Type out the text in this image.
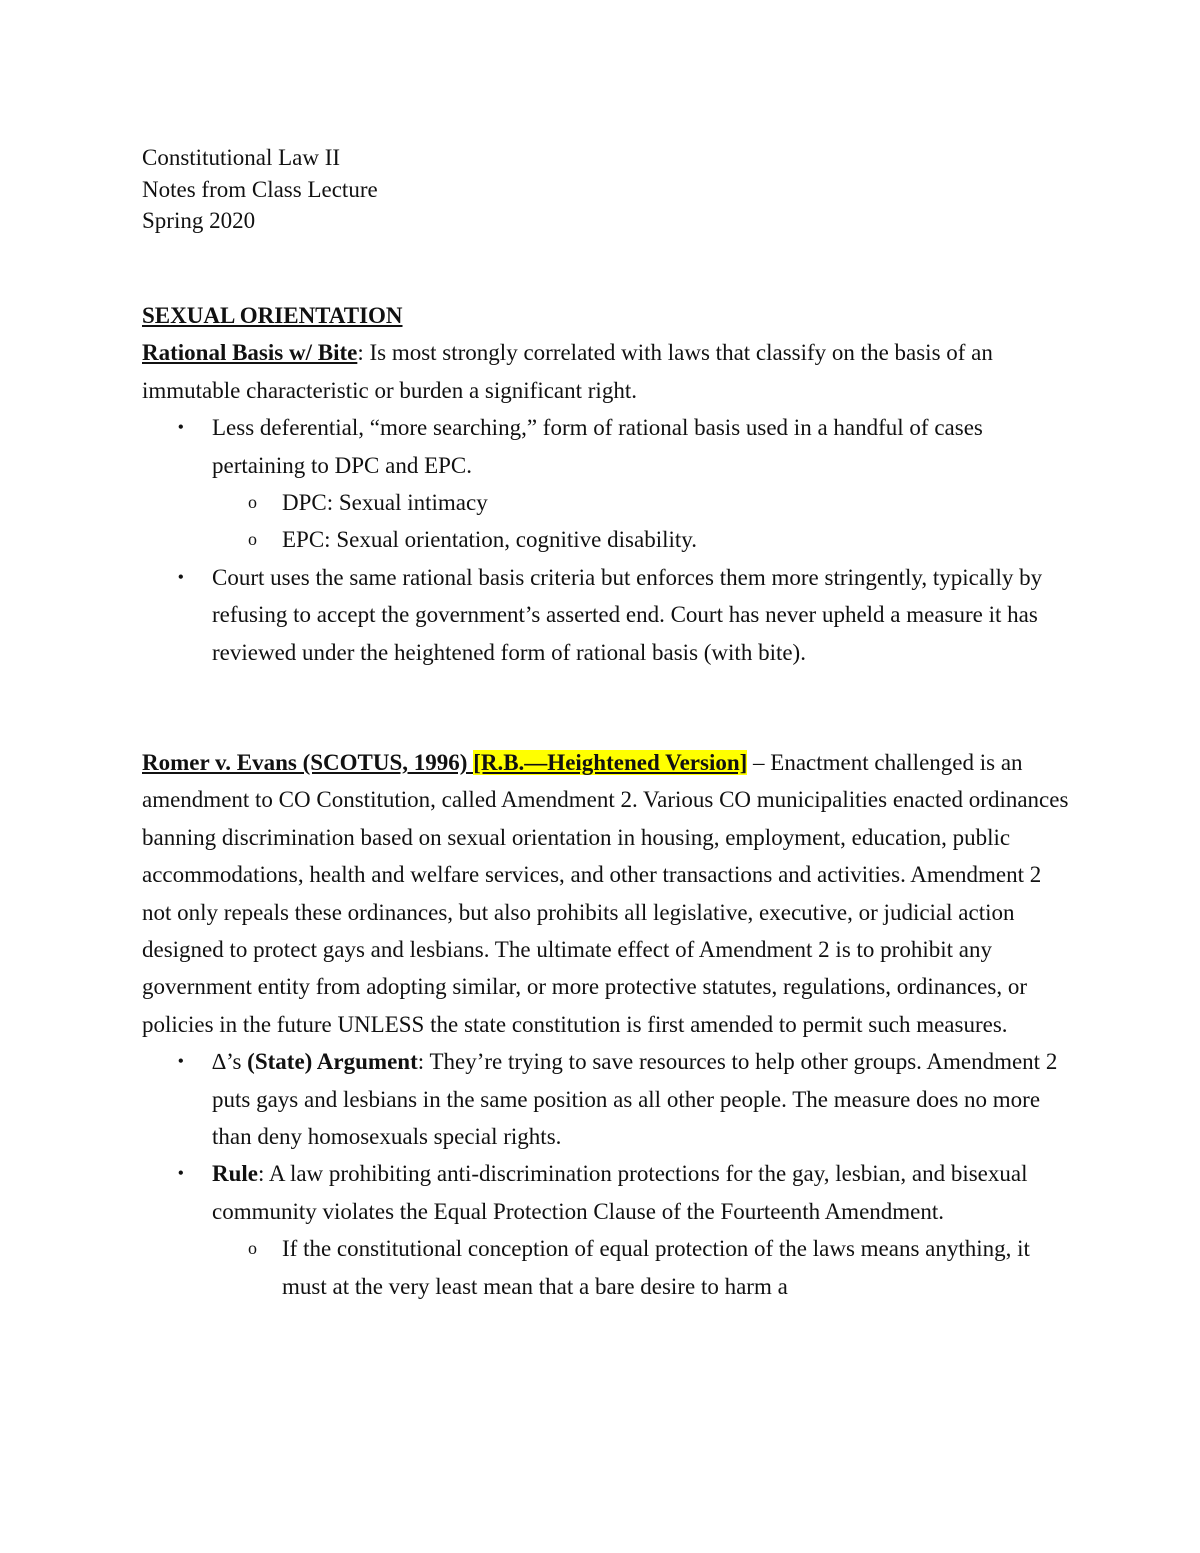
Constitutional Law II

Notes from Class Lecture

Spring 2020

SEXUAL ORIENTATION

Rational Basis w/ Bite: Is most strongly correlated with laws that classify on the basis of an immutable characteristic or burden a significant right.

• Less deferential, “more searching,” form of rational basis used in a handful of cases pertaining to DPC and EPC.
o DPC: Sexual intimacy
o EPC: Sexual orientation, cognitive disability.
• Court uses the same rational basis criteria but enforces them more stringently, typically by refusing to accept the government’s asserted end. Court has never upheld a measure it has reviewed under the heightened form of rational basis (with bite).

Romer v. Evans (SCOTUS, 1996) [R.B.—Heightened Version] – Enactment challenged is an amendment to CO Constitution, called Amendment 2. Various CO municipalities enacted ordinances banning discrimination based on sexual orientation in housing, employment, education, public accommodations, health and welfare services, and other transactions and activities. Amendment 2 not only repeals these ordinances, but also prohibits all legislative, executive, or judicial action designed to protect gays and lesbians. The ultimate effect of Amendment 2 is to prohibit any government entity from adopting similar, or more protective statutes, regulations, ordinances, or policies in the future UNLESS the state constitution is first amended to permit such measures.

• ∆’s (State) Argument: They’re trying to save resources to help other groups. Amendment 2 puts gays and lesbians in the same position as all other people. The measure does no more than deny homosexuals special rights.
• Rule: A law prohibiting anti-discrimination protections for the gay, lesbian, and bisexual community violates the Equal Protection Clause of the Fourteenth Amendment.
o If the constitutional conception of equal protection of the laws means anything, it must at the very least mean that a bare desire to harm a
